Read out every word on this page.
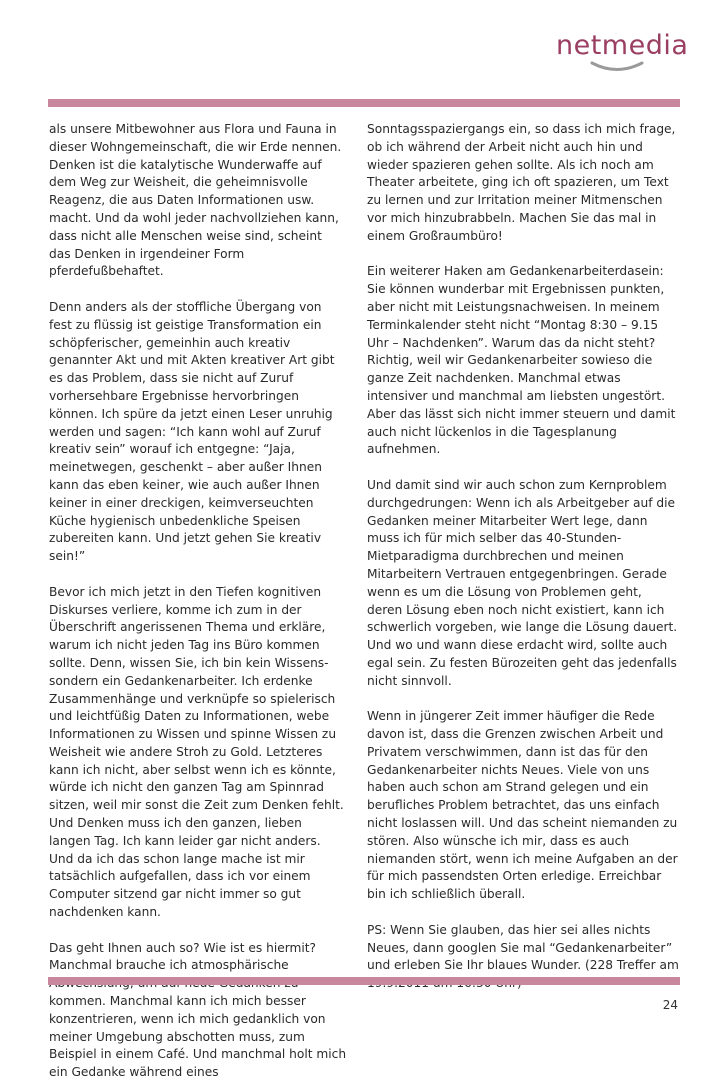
netmedia

als unsere Mitbewohner aus Flora und Fauna in dieser Wohngemeinschaft, die wir Erde nennen. Denken ist die katalytische Wunderwaffe auf dem Weg zur Weisheit, die geheimnisvolle Reagenz, die aus Daten Informationen usw. macht. Und da wohl jeder nachvollziehen kann, dass nicht alle Menschen weise sind, scheint das Denken in irgendeiner Form pferdefußbehaftet.

Denn anders als der stoffliche Übergang von fest zu flüssig ist geistige Transformation ein schöpferischer, gemeinhin auch kreativ genannter Akt und mit Akten kreativer Art gibt es das Problem, dass sie nicht auf Zuruf vorhersehbare Ergebnisse hervorbringen können. Ich spüre da jetzt einen Leser unruhig werden und sagen: “Ich kann wohl auf Zuruf kreativ sein” worauf ich entgegne: “Jaja, meinetwegen, geschenkt – aber außer Ihnen kann das eben keiner, wie auch außer Ihnen keiner in einer dreckigen, keimverseuchten Küche hygienisch unbedenkliche Speisen zubereiten kann. Und jetzt gehen Sie kreativ sein!”

Bevor ich mich jetzt in den Tiefen kognitiven Diskurses verliere, komme ich zum in der Überschrift angerissenen Thema und erkläre, warum ich nicht jeden Tag ins Büro kommen sollte. Denn, wissen Sie, ich bin kein Wissens- sondern ein Gedankenarbeiter. Ich erdenke Zusammenhänge und verknüpfe so spielerisch und leichtfüßig Daten zu Informationen, webe Informationen zu Wissen und spinne Wissen zu Weisheit wie andere Stroh zu Gold. Letzteres kann ich nicht, aber selbst wenn ich es könnte, würde ich nicht den ganzen Tag am Spinnrad sitzen, weil mir sonst die Zeit zum Denken fehlt. Und Denken muss ich den ganzen, lieben langen Tag. Ich kann leider gar nicht anders. Und da ich das schon lange mache ist mir tatsächlich aufgefallen, dass ich vor einem Computer sitzend gar nicht immer so gut nachdenken kann.

Das geht Ihnen auch so? Wie ist es hiermit? Manchmal brauche ich atmosphärische kommen. Manchmal kann ich mich besser konzentrieren, wenn ich mich gedanklich von meiner Umgebung abschotten muss, zum Beispiel in einem Café. Und manchmal holt mich ein Gedanke während eines

Sonntagsspaziergangs ein, so dass ich mich frage, ob ich während der Arbeit nicht auch hin und wieder spazieren gehen sollte. Als ich noch am Theater arbeitete, ging ich oft spazieren, um Text zu lernen und zur Irritation meiner Mitmenschen vor mich hinzubrabbeln. Machen Sie das mal in einem Großraumbüro!

Ein weiterer Haken am Gedankenarbeiterdasein: Sie können wunderbar mit Ergebnissen punkten, aber nicht mit Leistungsnachweisen. In meinem Terminkalender steht nicht “Montag 8:30 – 9.15 Uhr – Nachdenken”. Warum das da nicht steht? Richtig, weil wir Gedankenarbeiter sowieso die ganze Zeit nachdenken. Manchmal etwas intensiver und manchmal am liebsten ungestört. Aber das lässt sich nicht immer steuern und damit auch nicht lückenlos in die Tagesplanung aufnehmen.

Und damit sind wir auch schon zum Kernproblem durchgedrungen: Wenn ich als Arbeitgeber auf die Gedanken meiner Mitarbeiter Wert lege, dann muss ich für mich selber das 40-Stunden-Mietparadigma durchbrechen und meinen Mitarbeitern Vertrauen entgegenbringen. Gerade wenn es um die Lösung von Problemen geht, deren Lösung eben noch nicht existiert, kann ich schwerlich vorgeben, wie lange die Lösung dauert. Und wo und wann diese erdacht wird, sollte auch egal sein. Zu festen Bürozeiten geht das jedenfalls nicht sinnvoll.

Wenn in jüngerer Zeit immer häufiger die Rede davon ist, dass die Grenzen zwischen Arbeit und Privatem verschwimmen, dann ist das für den Gedankenarbeiter nichts Neues. Viele von uns haben auch schon am Strand gelegen und ein berufliches Problem betrachtet, das uns einfach nicht loslassen will. Und das scheint niemanden zu stören. Also wünsche ich mir, dass es auch niemanden stört, wenn ich meine Aufgaben an der für mich passendsten Orten erledige. Erreichbar bin ich schließlich überall.

PS: Wenn Sie glauben, das hier sei alles nichts Neues, dann googlen Sie mal “Gedankenarbeiter” und erleben Sie Ihr blaues Wunder. (228 Treffer am

24
